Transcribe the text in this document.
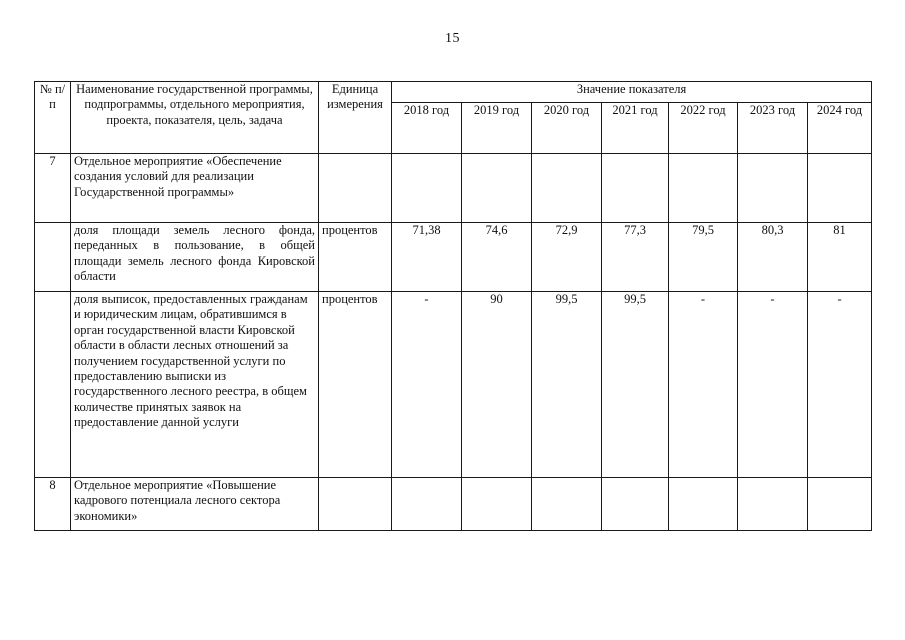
15
№ п/п	Наименование государственной программы, подпрограммы, отдельного мероприятия, проекта, показателя, цель, задача	Единица измерения	Значение показателя						
			2018 год	2019 год	2020 год	2021 год	2022 год	2023 год	2024 год
7	Отдельное мероприятие «Обеспечение создания условий для реализации Государственной программы»								
	доля площади земель лесного фонда, переданных в пользование, в общей площади земель лесного фонда Кировской области	процентов	71,38	74,6	72,9	77,3	79,5	80,3	81
	доля выписок, предоставленных гражданам и юридическим лицам, обратившимся в орган государственной власти Кировской области в области лесных отношений за получением государственной услуги по предоставлению выписки из государственного лесного реестра, в общем количестве принятых заявок на предоставление данной услуги	процентов	-	90	99,5	99,5	-	-	-
8	Отдельное мероприятие «Повышение кадрового потенциала лесного сектора экономики»								
